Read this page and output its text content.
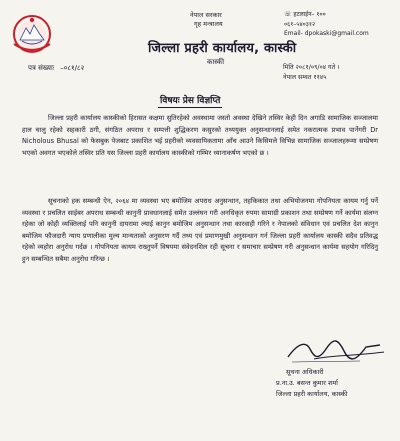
नेपाल सरकार
गृह मन्त्रालय
जिल्ला प्रहरी कार्यालय, कास्की
कास्की
☏ हटलाईन– १००
०६१–५४०३१२
Email- dpokaski@gmail.com
पत्र संख्याः –०८१/८२	मिति २०८१/०९/०४ गते ।
नेपाल सम्वत ११४५
विषयः प्रेस विज्ञप्ति
जिल्ला प्रहरी कार्यालय कास्कीको हिरासत कक्षमा सुतिरहेको अवस्थामा जस्तो अवस्था देखिने तस्विर केही दिन अगाडि सामाजिक सञ्जालमा हाल चालु रहेको सहकारी ठगी, संगठित अपराध र सम्पत्ती शुद्धिकरण कसुरको तथ्ययुक्त अनुसन्धानलाई समेत नकरात्मक प्रभाव पार्नेगरी Dr Nicholous Bhusal को फेसबुक पेजबाट प्रकाशित भई प्रहरीको व्यवसायिकतामा आँच आउने किसिमले विभिन्न सामाजिक सञ्जालहरूमा सम्प्रेषण भएको अवगत भएकोले तस्विर प्रति यस जिल्ला प्रहरी कार्यालय कास्कीको गम्भिर ध्यानाकर्षण भएको छ ।
सूचनाको हक सम्बन्धी ऐन, २०६४ मा व्यवस्था भए बमोजिम अपराध अनुसन्धान, तहकिकात तथा अभियोजनमा गोपनियता कायम गर्नु पर्ने व्यवस्था र प्रचलित साईबर अपराध सम्बन्धी कानुनी प्रावधानलाई समेत उल्लंघन गरी अनधिकृत रुपमा सामाग्री प्रकाशन तथा सम्प्रेषण गर्ने कार्यमा संलग्न रहेका जो कोही व्यक्तिलाई पनि कानुनी दायरामा ल्याई कानुन बमोजिम अनुसन्धान तथा कारवाही गरिने र नेपालको संविधान एवं प्रचलित देश कानुन बमोजिम फौजदारी न्याय प्रणालीका मुल्य मान्यताको अनुसरण गर्दै तथ्य एवं प्रमाणमुखी अनुसन्धान गर्न जिल्ला प्रहरी कार्यालय कास्की सदैव प्रतिवद्ध रहेको व्यहोरा अनुरोध गर्दछ । गोपनियता कायम राख्नुपर्ने विषयमा संवेदनशिल रही सूचना र समाचार सम्प्रेषण गरी अनुसन्धान कार्यमा सहयोग गरिदिनु हुन सम्बन्धित सबैमा अनुरोध गरिन्छ ।
सूचना अधिकारी
प्र.ना.उ. बसन्त कुमार शर्मा
जिल्ला प्रहरी कार्यालय, कास्की
